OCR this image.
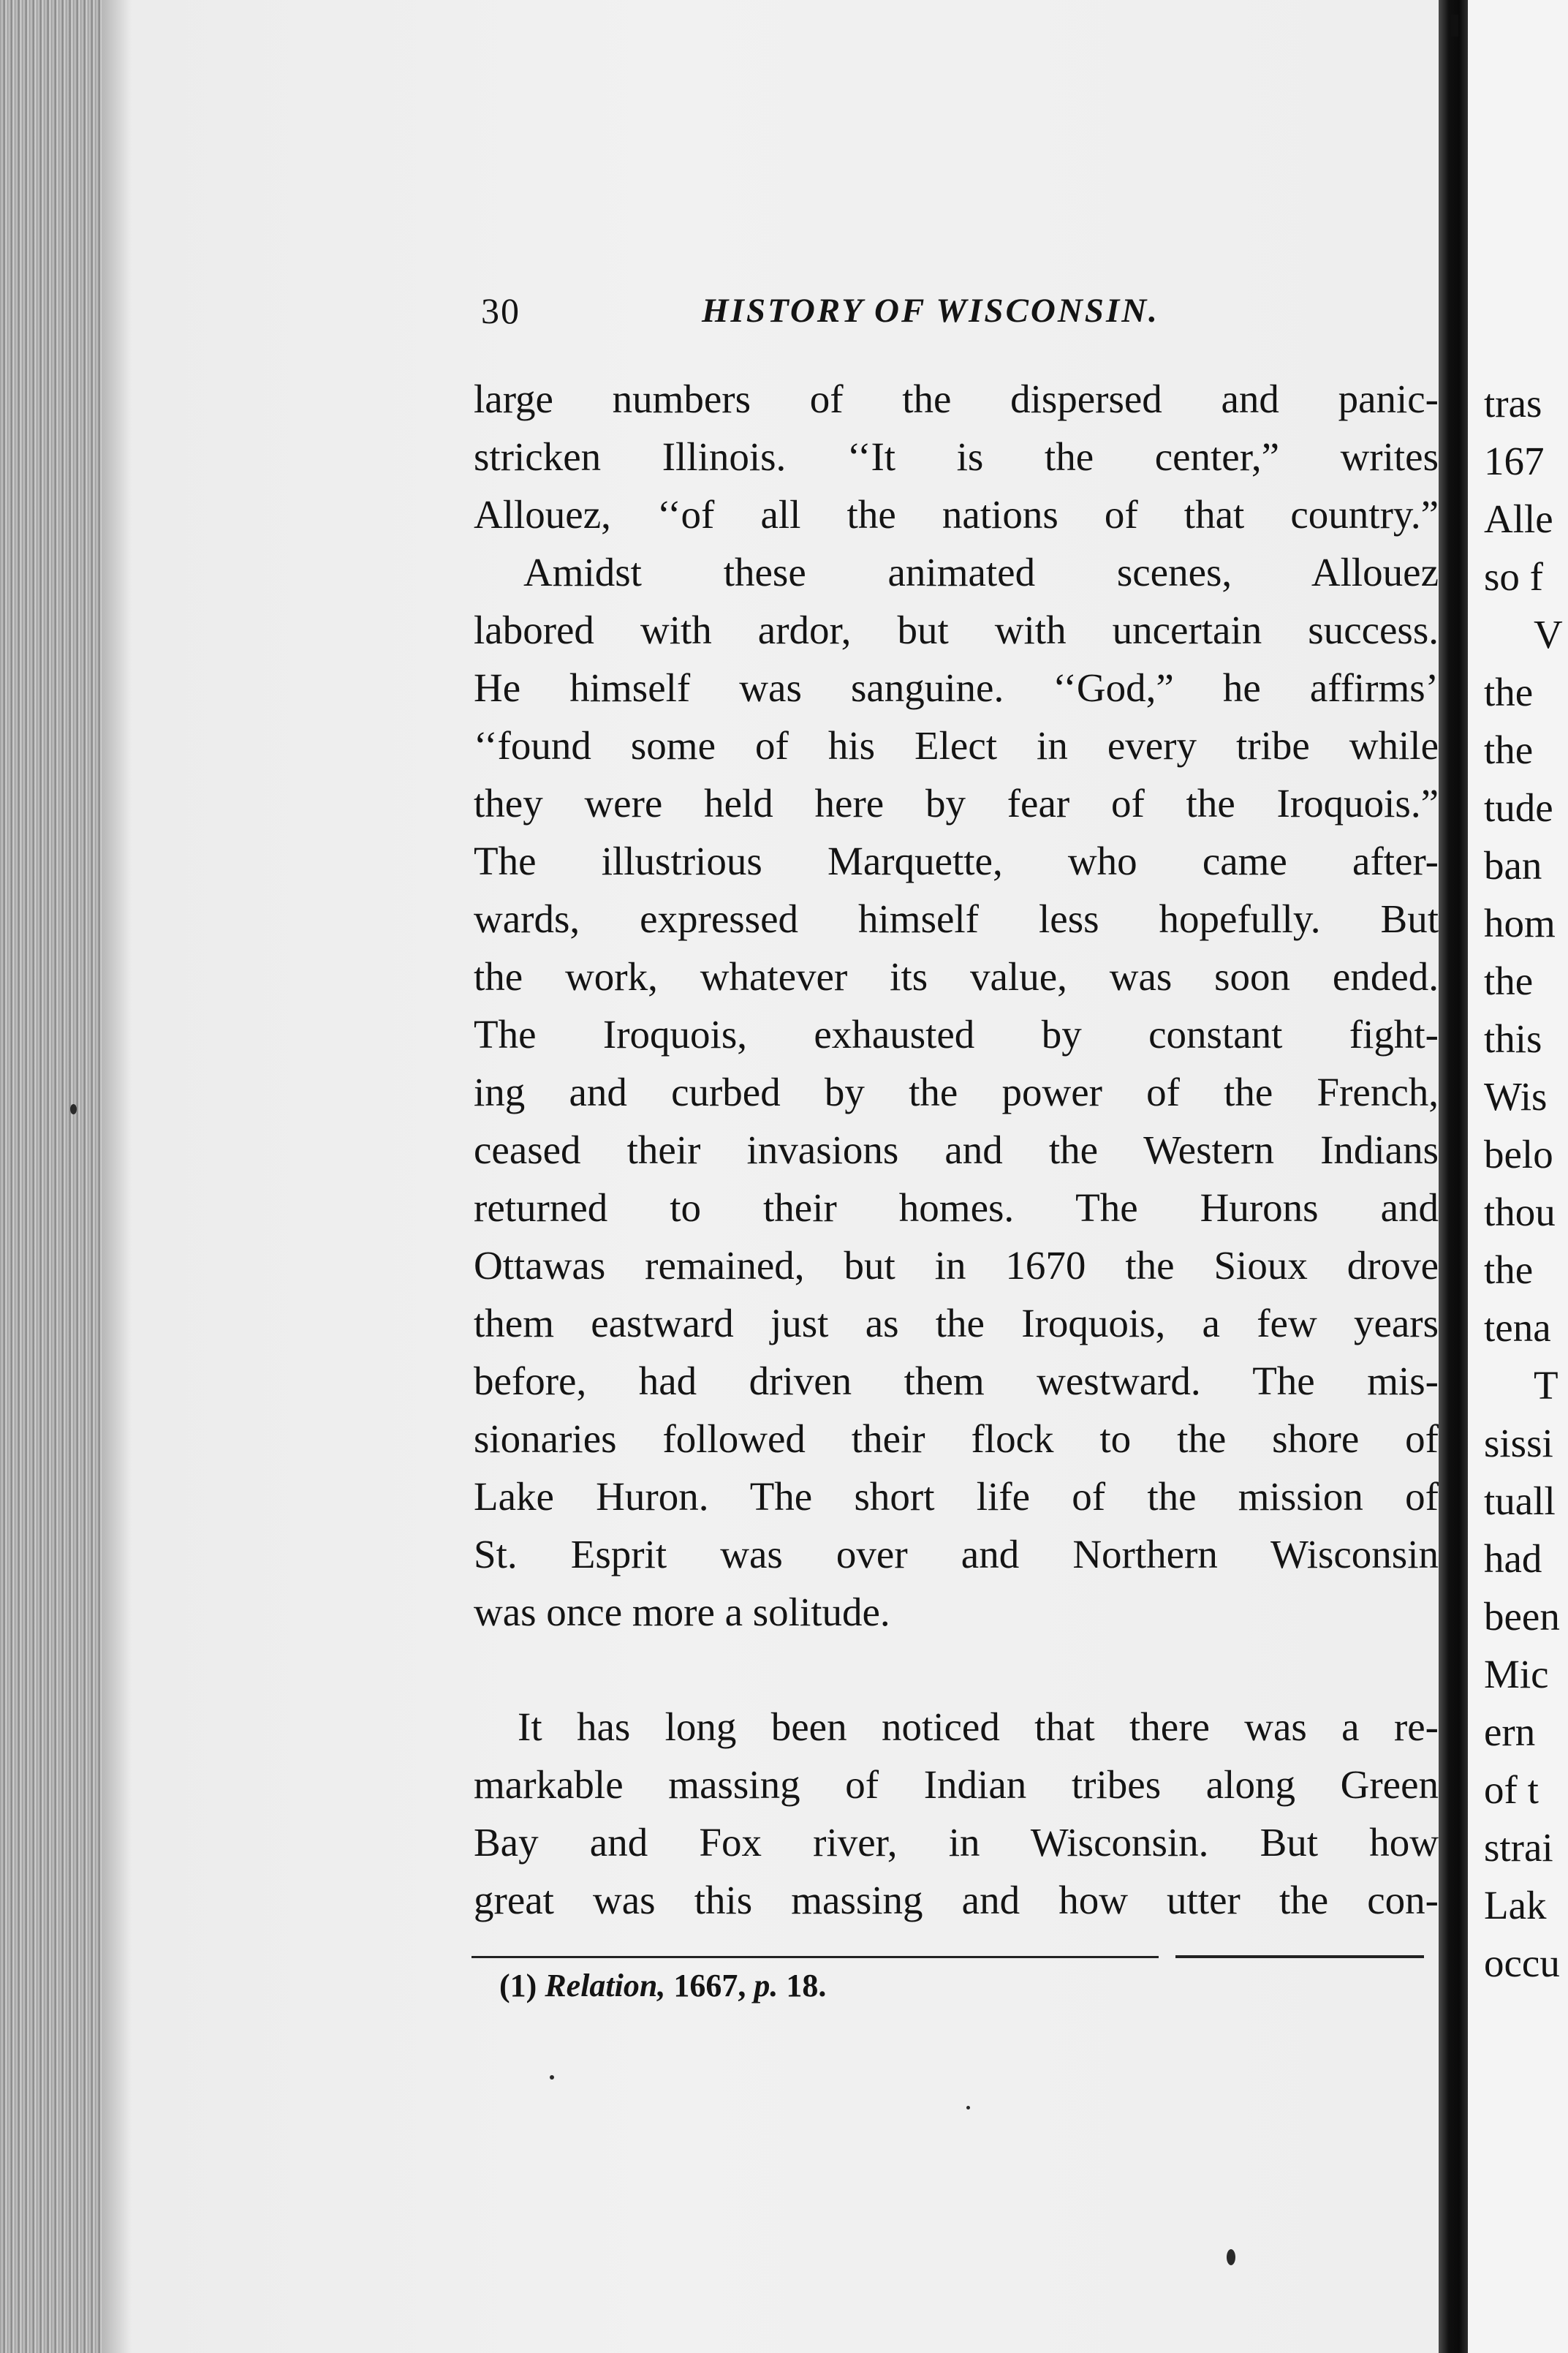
30	HISTORY OF WISCONSIN.
large numbers of the dispersed and panic-
stricken Illinois. ‘‘It is the center,” writes
Allouez, ‘‘of all the nations of that country.”
Amidst these animated scenes, Allouez
labored with ardor, but with uncertain success.
He himself was sanguine. ‘‘God,” he affirms’
‘‘found some of his Elect in every tribe while
they were held here by fear of the Iroquois.”
The illustrious Marquette, who came after-
wards, expressed himself less hopefully. But
the work, whatever its value, was soon ended.
The Iroquois, exhausted by constant fight-
ing and curbed by the power of the French,
ceased their invasions and the Western Indians
returned to their homes. The Hurons and
Ottawas remained, but in 1670 the Sioux drove
them eastward just as the Iroquois, a few years
before, had driven them westward. The mis-
sionaries followed their flock to the shore of
Lake Huron. The short life of the mission of
St. Esprit was over and Northern Wisconsin
was once more a solitude.
It has long been noticed that there was a re-
markable massing of Indian tribes along Green
Bay and Fox river, in Wisconsin. But how
great was this massing and how utter the con-
(1) Relation, 1667, p. 18.
tras
167
Alle
so f
V
the
the
tude
ban
hom
the
this
Wis
belo
thou
the
tena
T
sissi
tuall
had
been
Mic
ern
of t
strai
Lak
occu
